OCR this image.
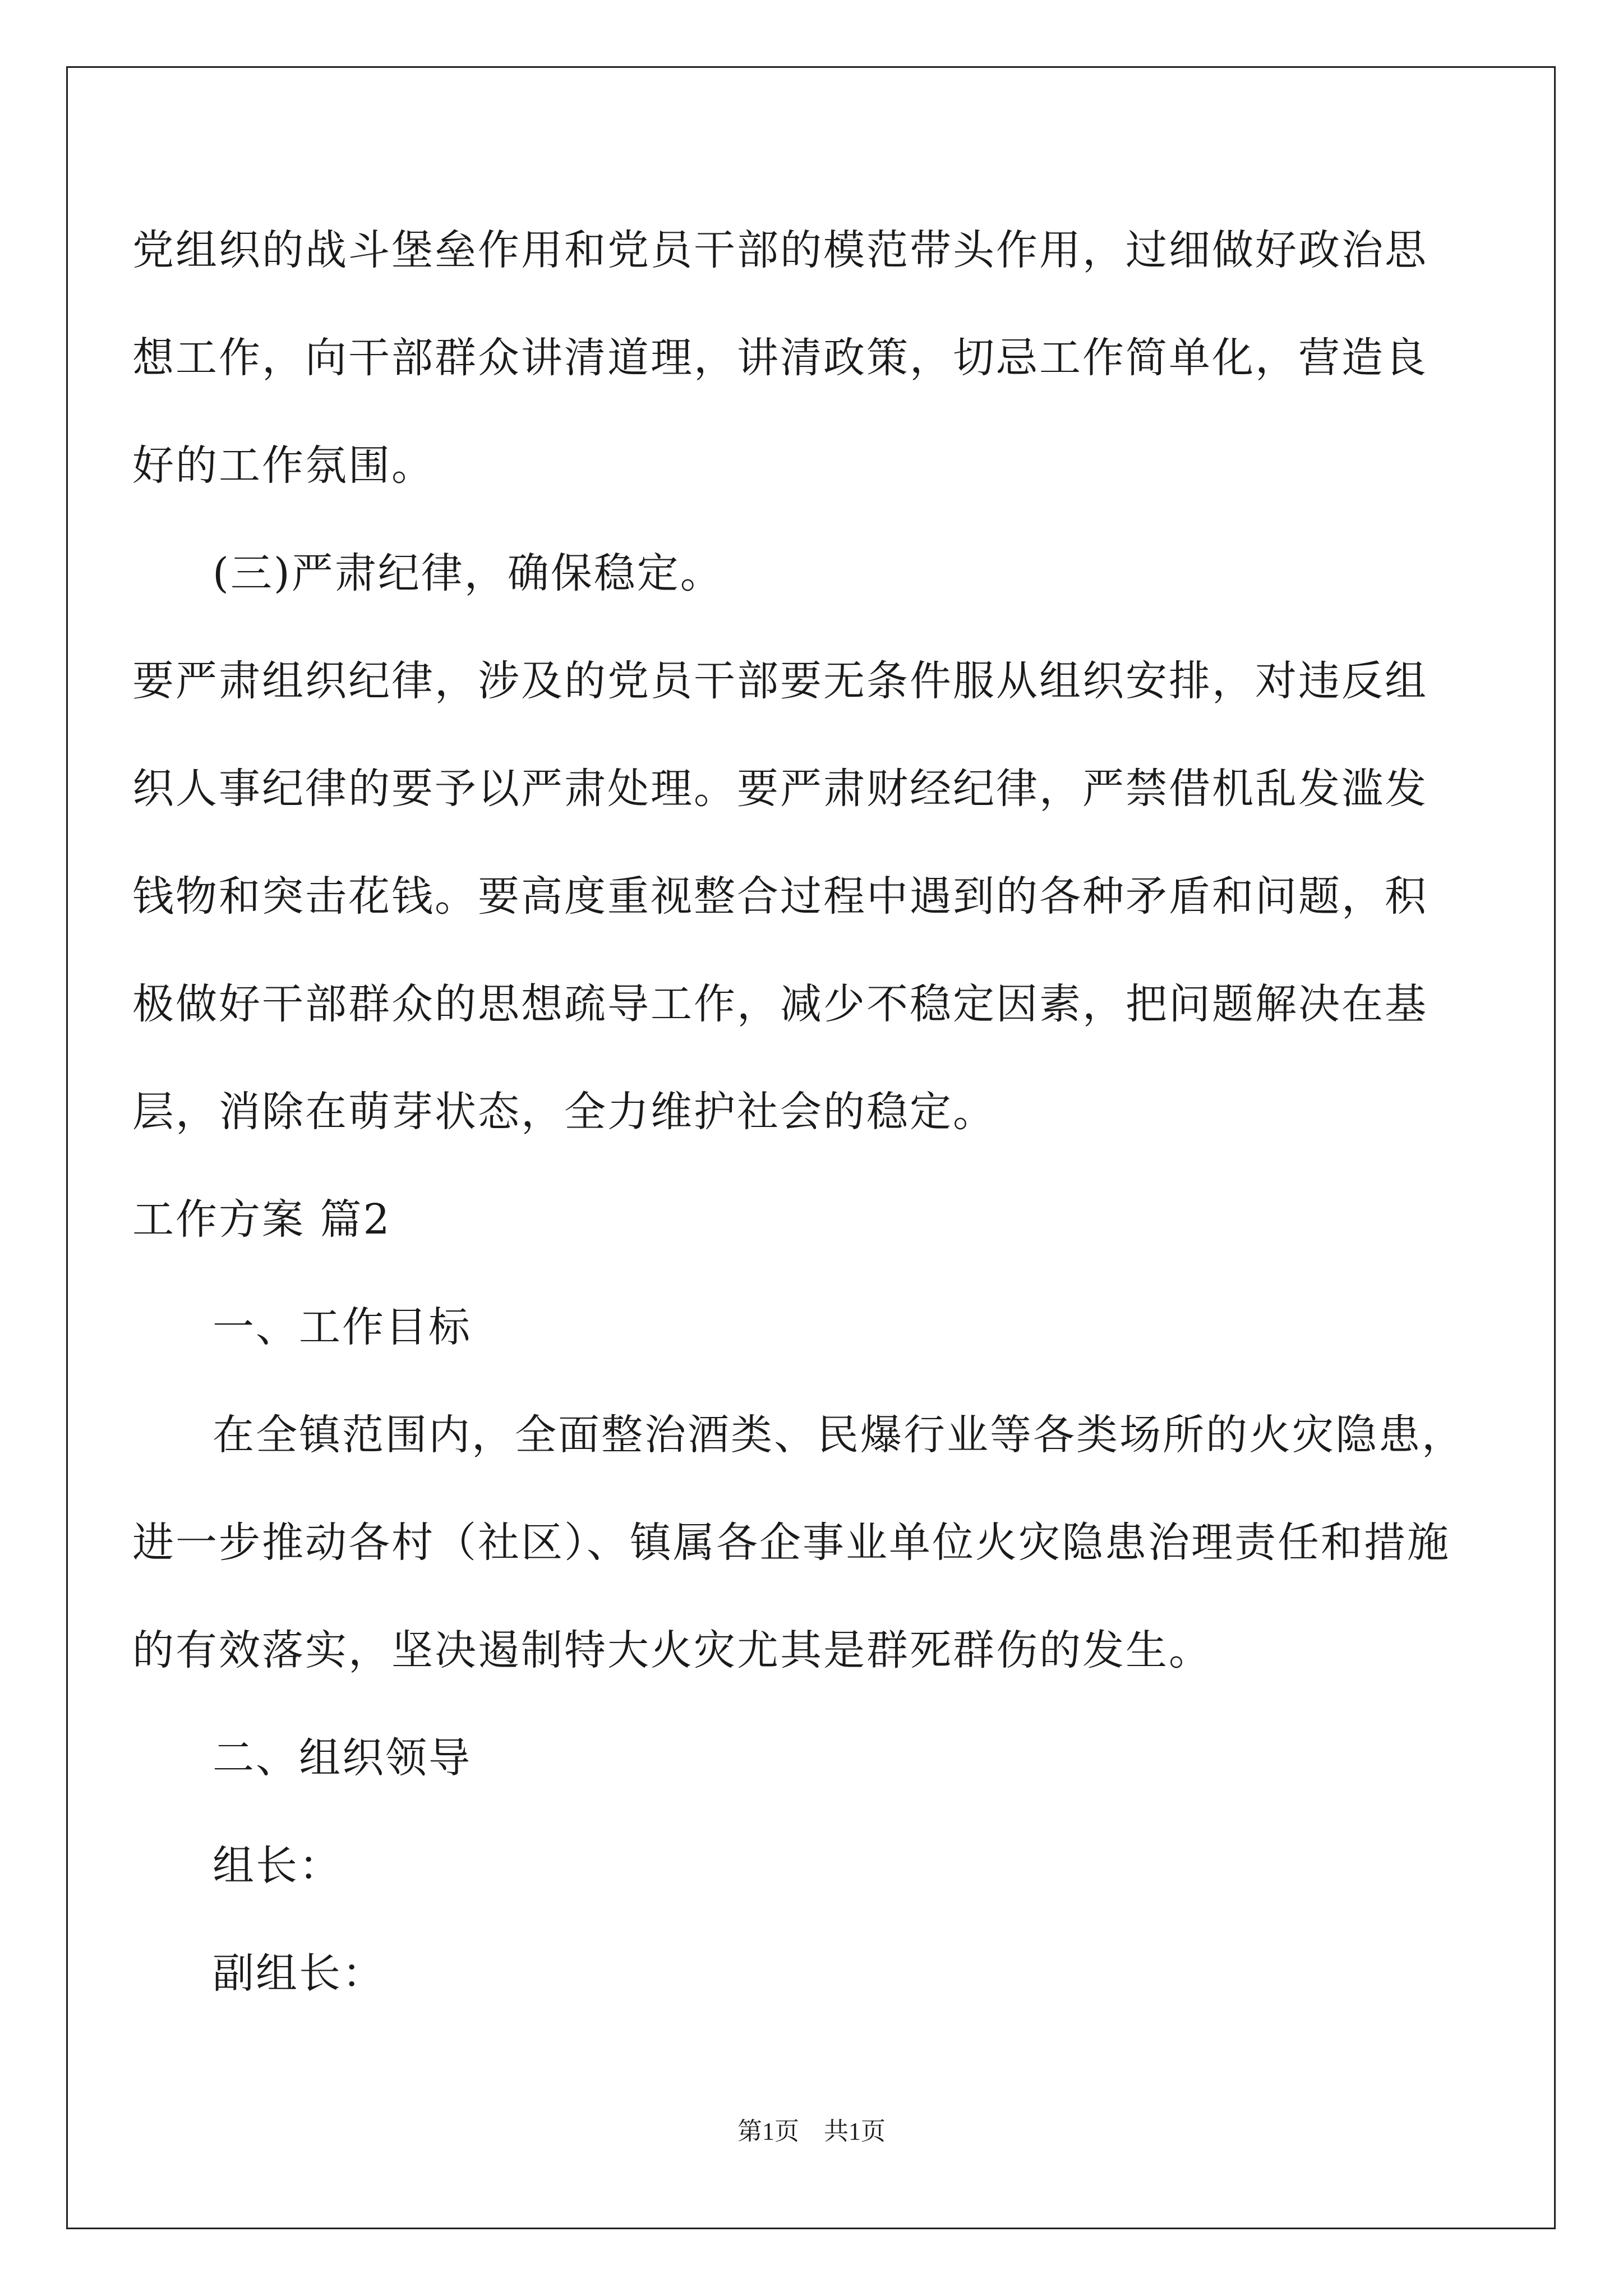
党组织的战斗堡垒作用和党员干部的模范带头作用，过细做好政治思
想工作，向干部群众讲清道理，讲清政策，切忌工作简单化，营造良
好的工作氛围。
(三)严肃纪律，确保稳定。
要严肃组织纪律，涉及的党员干部要无条件服从组织安排，对违反组
织人事纪律的要予以严肃处理。要严肃财经纪律，严禁借机乱发滥发
钱物和突击花钱。要高度重视整合过程中遇到的各种矛盾和问题，积
极做好干部群众的思想疏导工作，减少不稳定因素，把问题解决在基
层，消除在萌芽状态，全力维护社会的稳定。
工作方案 篇2
一、工作目标
在全镇范围内，全面整治酒类、民爆行业等各类场所的火灾隐患，
进一步推动各村（社区）、镇属各企事业单位火灾隐患治理责任和措施
的有效落实，坚决遏制特大火灾尤其是群死群伤的发生。
二、组织领导
组长：
副组长：
第1页　共1页
